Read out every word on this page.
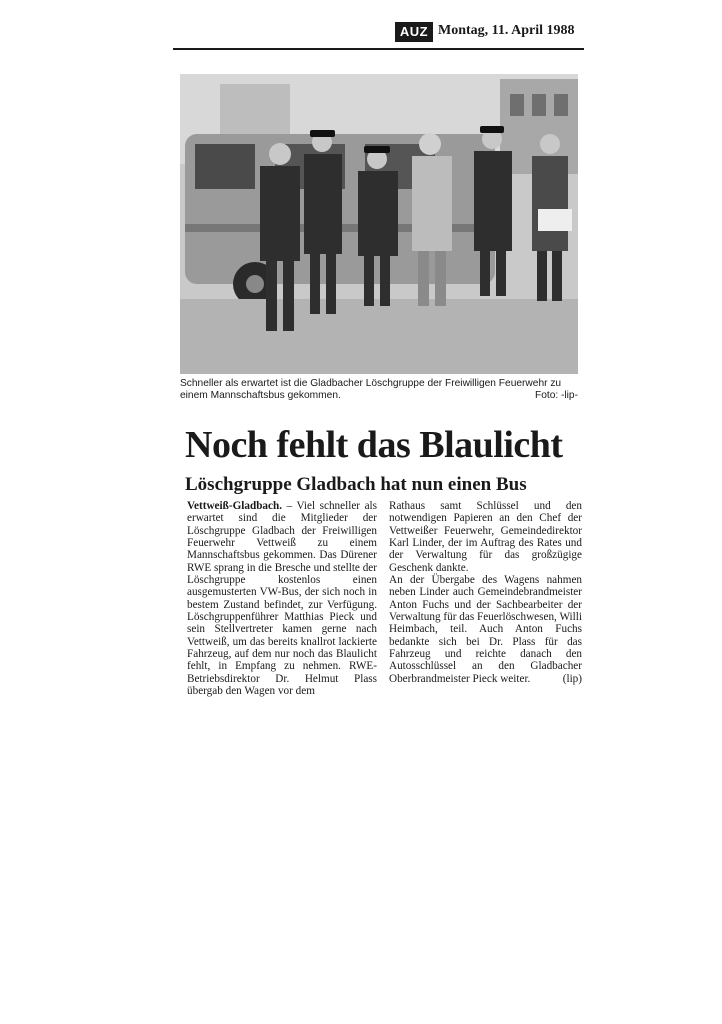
AUZ Montag, 11. April 1988
Schneller als erwartet ist die Gladbacher Löschgruppe der Freiwilligen Feuerwehr zu einem Mannschaftsbus gekommen.	Foto: -lip-
Noch fehlt das Blaulicht
Löschgruppe Gladbach hat nun einen Bus

Vettweiß-Gladbach. – Viel schneller als erwartet sind die Mitglieder der Löschgruppe Gladbach der Freiwilligen Feuerwehr Vettweiß zu einem Mannschaftsbus gekommen. Das Dürener RWE sprang in die Bresche und stellte der Löschgruppe kostenlos einen ausgemusterten VW-Bus, der sich noch in bestem Zustand befindet, zur Verfügung. Löschgruppenführer Matthias Pieck und sein Stellvertreter kamen gerne nach Vettweiß, um das bereits knallrot lackierte Fahrzeug, auf dem nur noch das Blaulicht fehlt, in Empfang zu nehmen. RWE-Betriebsdirektor Dr. Helmut Plass übergab den Wagen vor dem

Rathaus samt Schlüssel und den notwendigen Papieren an den Chef der Vettweißer Feuerwehr, Gemeindedirektor Karl Linder, der im Auftrag des Rates und der Verwaltung für das großzügige Geschenk dankte.

An der Übergabe des Wagens nahmen neben Linder auch Gemeindebrandmeister Anton Fuchs und der Sachbearbeiter der Verwaltung für das Feuerlöschwesen, Willi Heimbach, teil. Auch Anton Fuchs bedankte sich bei Dr. Plass für das Fahrzeug und reichte danach den Autosschlüssel an den Gladbacher Oberbrandmeister Pieck weiter.	(lip)
